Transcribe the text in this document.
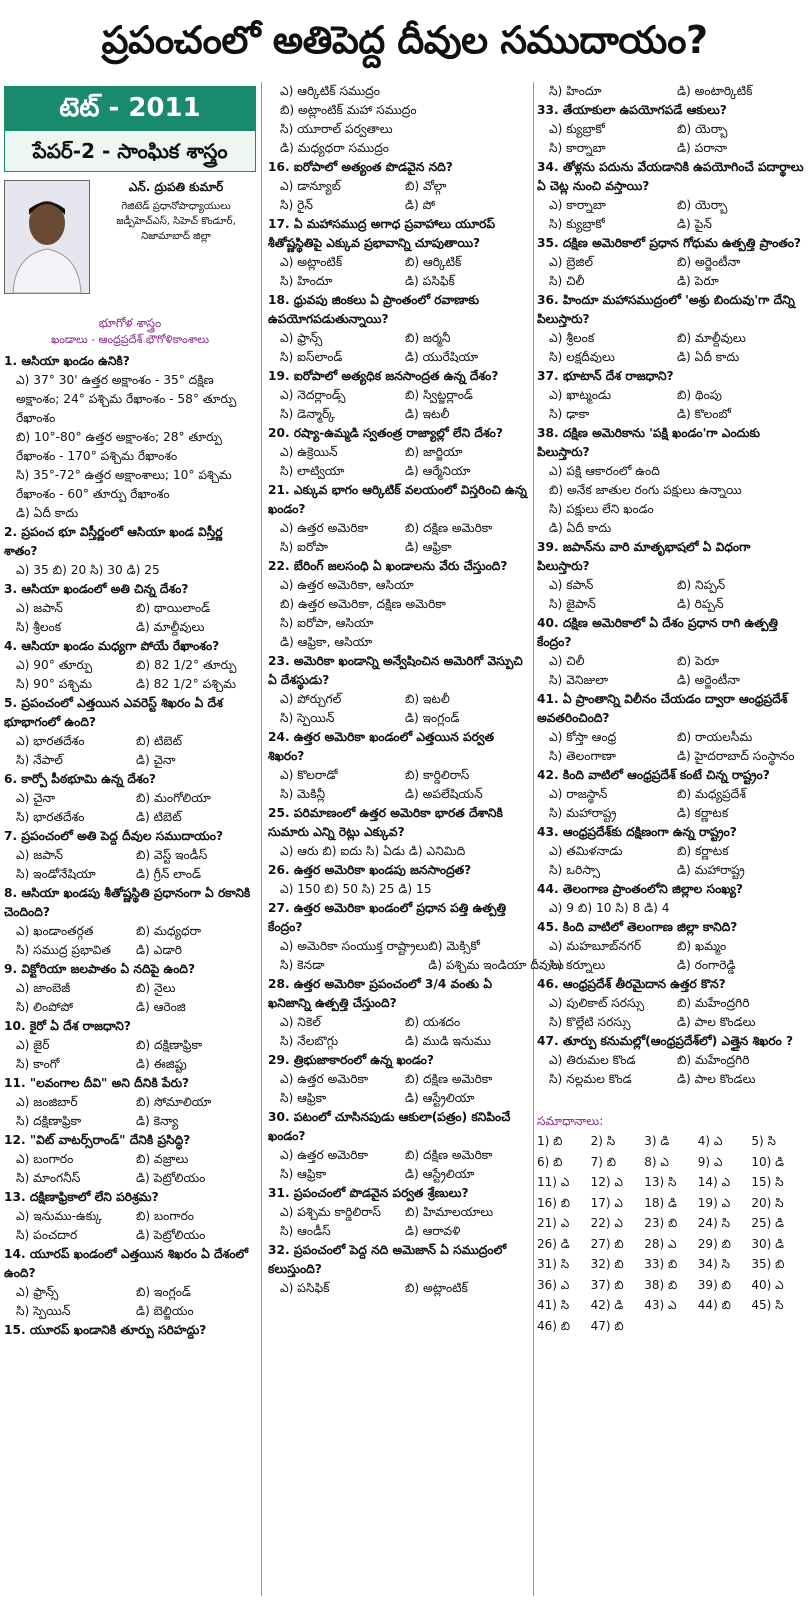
ప్రపంచంలో అతిపెద్ద దీవుల సముదాయం?
టెట్ - 2011
పేపర్-2 - సాంఘిక శాస్త్రం
ఎన్. ద్రుపతి కుమార్
గెజిటెడ్ ప్రధానోపాధ్యాయులు
జడ్పీహెచ్ఎస్, సిహెచ్ కొండూర్,
నిజామాబాద్ జిల్లా
భూగోళ శాస్త్రం
ఖండాలు - ఆంధ్రప్రదేశ్ భౌగోళికాంశాలు
1. ఆసియా ఖండం ఉనికి?
ఎ) 37° 30' ఉత్తర అక్షాంశం - 35° దక్షిణ అక్షాంశం; 24° పశ్చిమ రేఖాంశం - 58° తూర్పు రేఖాంశం
బి) 10°-80° ఉత్తర అక్షాంశం; 28° తూర్పు రేఖాంశం - 170° పశ్చిమ రేఖాంశం
సి) 35°-72° ఉత్తర అక్షాంశాలు; 10° పశ్చిమ రేఖాంశం - 60° తూర్పు రేఖాంశం
డి) ఏదీ కాదు
2. ప్రపంచ భూ విస్తీర్ణంలో ఆసియా ఖండ విస్తీర్ణ శాతం?
ఎ) 35 బి) 20 సి) 30 డి) 25
3. ఆసియా ఖండంలో అతి చిన్న దేశం?
ఎ) జపాన్	బి) థాయిలాండ్
సి) శ్రీలంక	డి) మాల్దీవులు
4. ఆసియా ఖండం మధ్యగా పోయే రేఖాంశం?
ఎ) 90° తూర్పు	బి) 82 1/2° తూర్పు
సి) 90° పశ్చిమ	డి) 82 1/2° పశ్చిమ
5. ప్రపంచంలో ఎత్తయిన ఎవరెస్ట్ శిఖరం ఏ దేశ భూభాగంలో ఉంది?
ఎ) భారతదేశం	బి) టిబెట్
సి) నేపాల్	డి) చైనా
6. కార్పో పీఠభూమి ఉన్న దేశం?
ఎ) చైనా	బి) మంగోలియా
సి) భారతదేశం	డి) టిబెట్
7. ప్రపంచంలో అతి పెద్ద దీవుల సముదాయం?
ఎ) జపాన్	బి) వెస్ట్ ఇండీస్
సి) ఇండోనేషియా	డి) గ్రీన్ లాండ్
8. ఆసియా ఖండపు శీతోష్ణస్థితి ప్రధానంగా ఏ రకానికి చెందింది?
ఎ) ఖండాంతర్గత	బి) మధ్యధరా
సి) సముద్ర ప్రభావిత	డి) ఎడారి
9. విక్టోరియా జలపాతం ఏ నదిపై ఉంది?
ఎ) జాంబెజీ	బి) నైలు
సి) లింపోపో	డి) ఆరెంజి
10. కైరో ఏ దేశ రాజధాని?
ఎ) జైర్	బి) దక్షిణాఫ్రికా
సి) కాంగో	డి) ఈజిప్టు
11. "లవంగాల దీవి" అని దీనికి పేరు?
ఎ) జంజిబార్	బి) సోమాలియా
సి) దక్షిణాఫ్రికా	డి) కెన్యా
12. "విట్ వాటర్స్‌రాండ్" దేనికి ప్రసిద్ధి?
ఎ) బంగారం	బి) వజ్రాలు
సి) మాంగనీస్	డి) పెట్రోలియం
13. దక్షిణాఫ్రికాలో లేని పరిశ్రమ?
ఎ) ఇనుము-ఉక్కు	బి) బంగారం
సి) పంచదార	డి) పెట్రోలియం
14. యూరప్ ఖండంలో ఎత్తయిన శిఖరం ఏ దేశంలో ఉంది?
ఎ) ఫ్రాన్స్	బి) ఇంగ్లండ్
సి) స్పెయిన్	డి) బెల్జియం
15. యూరప్ ఖండానికి తూర్పు సరిహద్దు?
ఎ) ఆర్కిటిక్ సముద్రం
బి) అట్లాంటిక్ మహా సముద్రం
సి) యూరాల్ పర్వతాలు
డి) మధ్యధరా సముద్రం
16. ఐరోపాలో అత్యంత పొడవైన నది?
ఎ) డాన్యూబ్	బి) వోల్గా
సి) రైన్	డి) పో
17. ఏ మహాసముద్ర అగాధ ప్రవాహాలు యూరప్ శీతోష్ణస్థితిపై ఎక్కువ ప్రభావాన్ని చూపుతాయి?
ఎ) అట్లాంటిక్	బి) ఆర్కిటిక్
సి) హిందూ	డి) పసిఫిక్
18. ధ్రువపు జింకలు ఏ ప్రాంతంలో రవాణాకు ఉపయోగపడుతున్నాయి?
ఎ) ఫ్రాన్స్	బి) జర్మనీ
సి) ఐస్‌లాండ్	డి) యురేషియా
19. ఐరోపాలో అత్యధిక జనసాంద్రత ఉన్న దేశం?
ఎ) నెదర్లాండ్స్	బి) స్విట్జర్లాండ్
సి) డెన్మార్క్	డి) ఇటలీ
20. రష్యా-ఉమ్మడి స్వతంత్ర రాజ్యాల్లో లేని దేశం?
ఎ) ఉక్రెయిన్	బి) జార్జియా
సి) లాట్వియా	డి) ఆర్మేనియా
21. ఎక్కువ భాగం ఆర్కిటిక్ వలయంలో విస్తరించి ఉన్న ఖండం?
ఎ) ఉత్తర అమెరికా	బి) దక్షిణ అమెరికా
సి) ఐరోపా	డి) ఆఫ్రికా
22. బేరింగ్ జలసంధి ఏ ఖండాలను వేరు చేస్తుంది?
ఎ) ఉత్తర అమెరికా, ఆసియా
బి) ఉత్తర అమెరికా, దక్షిణ అమెరికా
సి) ఐరోపా, ఆసియా
డి) ఆఫ్రికా, ఆసియా
23. అమెరికా ఖండాన్ని అన్వేషించిన అమెరిగో వెస్పుచి ఏ దేశస్థుడు?
ఎ) పోర్చుగల్	బి) ఇటలీ
సి) స్పెయిన్	డి) ఇంగ్లండ్
24. ఉత్తర అమెరికా ఖండంలో ఎత్తయిన పర్వత శిఖరం?
ఎ) కొలరాడో	బి) కార్డిలిరాస్
సి) మెకిన్లీ	డి) అపలేషియన్
25. పరిమాణంలో ఉత్తర అమెరికా భారత దేశానికి సుమారు ఎన్ని రెట్లు ఎక్కువ?
ఎ) ఆరు బి) ఐదు సి) ఏడు డి) ఎనిమిది
26. ఉత్తర అమెరికా ఖండపు జనసాంద్రత?
ఎ) 150 బి) 50 సి) 25 డి) 15
27. ఉత్తర అమెరికా ఖండంలో ప్రధాన పత్తి ఉత్పత్తి కేంద్రం?
ఎ) అమెరికా సంయుక్త రాష్ట్రాలు బి) మెక్సికో
సి) కెనడా	డి) పశ్చిమ ఇండియా దీవులు
28. ఉత్తర అమెరికా ప్రపంచంలో 3/4 వంతు ఏ ఖనిజాన్ని ఉత్పత్తి చేస్తుంది?
ఎ) నికెల్	బి) యశదం
సి) నేలబొగ్గు	డి) ముడి ఇనుము
29. త్రిభుజాకారంలో ఉన్న ఖండం?
ఎ) ఉత్తర అమెరికా	బి) దక్షిణ అమెరికా
సి) ఆఫ్రికా	డి) ఆస్ట్రేలియా
30. పటంలో చూసినపుడు ఆకులా(పత్రం) కనిపించే ఖండం?
ఎ) ఉత్తర అమెరికా	బి) దక్షిణ అమెరికా
సి) ఆఫ్రికా	డి) ఆస్ట్రేలియా
31. ప్రపంచంలో పొడవైన పర్వత శ్రేణులు?
ఎ) పశ్చిమ కార్డిలిరాస్	బి) హిమాలయాలు
సి) ఆండీస్	డి) ఆరావళి
32. ప్రపంచంలో పెద్ద నది అమెజాన్ ఏ సముద్రంలో కలుస్తుంది?
ఎ) పసిఫిక్	బి) అట్లాంటిక్
సి) హిందూ	డి) అంటార్కిటిక్
33. తేయాకులా ఉపయోగపడే ఆకులు?
ఎ) క్యుబ్రాకో	బి) యెర్బా
సి) కార్నాబా	డి) పరానా
34. తోళ్లను పదును వేయడానికి ఉపయోగించే పదార్థాలు ఏ చెట్ల నుంచి వస్తాయి?
ఎ) కార్నాబా	బి) యెర్బా
సి) క్యుబ్రాకో	డి) పైన్
35. దక్షిణ అమెరికాలో ప్రధాన గోధుమ ఉత్పత్తి ప్రాంతం?
ఎ) బ్రెజిల్	బి) అర్జెంటీనా
సి) చిలీ	డి) పెరూ
36. హిందూ మహాసముద్రంలో 'అశ్రు బిందువు'గా దేన్ని పిలుస్తారు?
ఎ) శ్రీలంక	బి) మాల్దీవులు
సి) లక్షదీవులు	డి) ఏదీ కాదు
37. భూటాన్ దేశ రాజధాని?
ఎ) ఖాట్మండు	బి) థింపు
సి) ఢాకా	డి) కొలంబో
38. దక్షిణ అమెరికాను 'పక్షి ఖండం'గా ఎందుకు పిలుస్తారు?
ఎ) పక్షి ఆకారంలో ఉంది
బి) అనేక జాతుల రంగు పక్షులు ఉన్నాయి
సి) పక్షులు లేని ఖండం
డి) ఏదీ కాదు
39. జపాన్‌ను వారి మాతృభాషలో ఏ విధంగా పిలుస్తారు?
ఎ) కపాన్	బి) నిప్పన్
సి) జైపాన్	డి) రిప్పన్
40. దక్షిణ అమెరికాలో ఏ దేశం ప్రధాన రాగి ఉత్పత్తి కేంద్రం?
ఎ) చిలీ	బి) పెరూ
సి) వెనిజులా	డి) అర్జెంటీనా
41. ఏ ప్రాంతాన్ని విలీనం చేయడం ద్వారా ఆంధ్రప్రదేశ్ అవతరించింది?
ఎ) కోస్తా ఆంధ్ర	బి) రాయలసీమ
సి) తెలంగాణా	డి) హైదరాబాద్ సంస్థానం
42. కింది వాటిలో ఆంధ్రప్రదేశ్ కంటే చిన్న రాష్ట్రం?
ఎ) రాజస్థాన్	బి) మధ్యప్రదేశ్
సి) మహారాష్ట్ర	డి) కర్ణాటక
43. ఆంధ్రప్రదేశ్‌కు దక్షిణంగా ఉన్న రాష్ట్రం?
ఎ) తమిళనాడు	బి) కర్ణాటక
సి) ఒరిస్సా	డి) మహారాష్ట్ర
44. తెలంగాణ ప్రాంతంలోని జిల్లాల సంఖ్య?
ఎ) 9 బి) 10 సి) 8 డి) 4
45. కింది వాటిలో తెలంగాణ జిల్లా కానిది?
ఎ) మహబూబ్‌నగర్	బి) ఖమ్మం
సి) కర్నూలు	డి) రంగారెడ్డి
46. ఆంధ్రప్రదేశ్ తీరమైదాన ఉత్తర కొన?
ఎ) పులికాట్ సరస్సు	బి) మహేంద్రగిరి
సి) కొల్లేటి సరస్సు	డి) పాల కొండలు
47. తూర్పు కనుమల్లో(ఆంధ్రప్రదేశ్‌లో) ఎత్తైన శిఖరం ?
ఎ) తిరుమల కొండ	బి) మహేంద్రగిరి
సి) నల్లమల కొండ	డి) పాల కొండలు
సమాధానాలు:
1) బి	2) సి	3) డి	4) ఎ	5) సి
6) బి	7) బి	8) ఎ	9) ఎ	10) డి
11) ఎ	12) ఎ	13) సి	14) ఎ	15) సి
16) బి	17) ఎ	18) డి	19) ఎ	20) సి
21) ఎ	22) ఎ	23) బి	24) సి	25) డి
26) డి	27) బి	28) ఎ	29) బి	30) డి
31) సి	32) బి	33) బి	34) సి	35) బి
36) ఎ	37) బి	38) బి	39) బి	40) ఎ
41) సి	42) డి	43) ఎ	44) బి	45) సి
46) బి	47) బి
